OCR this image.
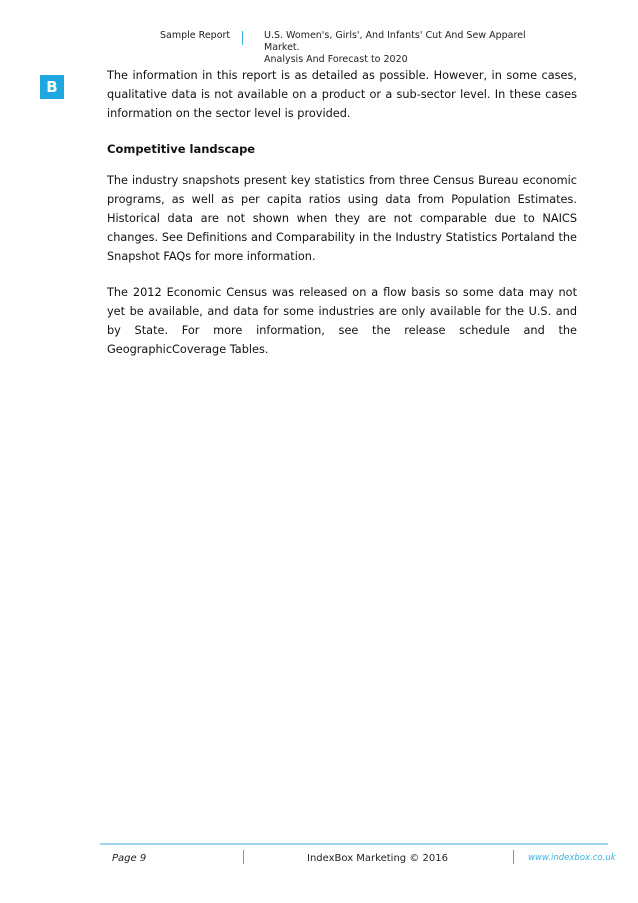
Sample Report	U.S. Women's, Girls', And Infants' Cut And Sew Apparel Market.
Analysis And Forecast to 2020
B

The information in this report is as detailed as possible. However, in some cases, qualitative data is not available on a product or a sub-sector level. In these cases information on the sector level is provided.

Competitive landscape

The industry snapshots present key statistics from three Census Bureau economic programs, as well as per capita ratios using data from Population Estimates. Historical data are not shown when they are not comparable due to NAICS changes. See Definitions and Comparability in the Industry Statistics Portaland the Snapshot FAQs for more information.

The 2012 Economic Census was released on a flow basis so some data may not yet be available, and data for some industries are only available for the U.S. and by State. For more information, see the release schedule and the GeographicCoverage Tables.

Page 9	IndexBox Marketing © 2016	www.indexbox.co.uk
